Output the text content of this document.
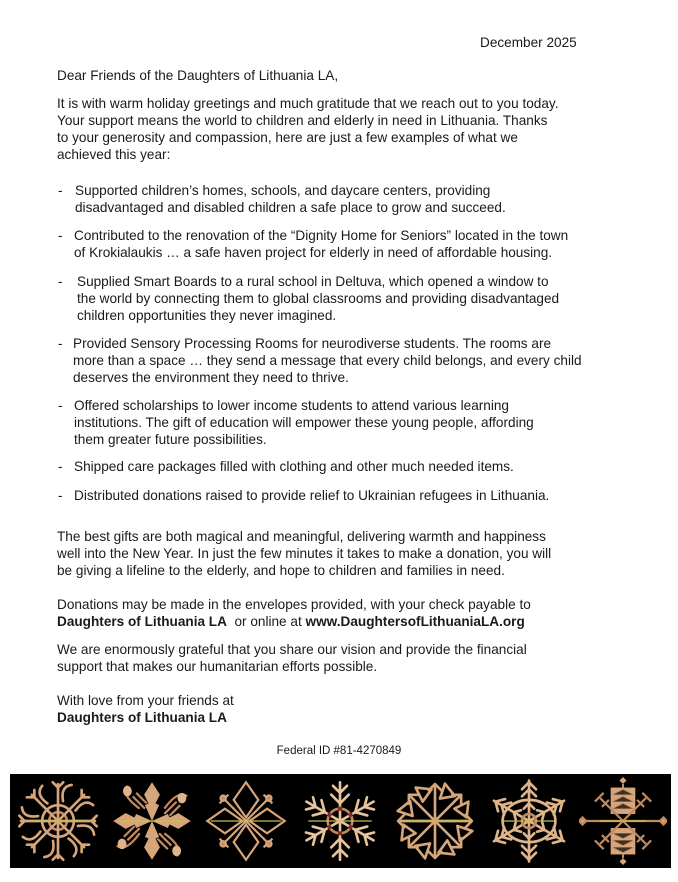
December 2025
Dear Friends of the Daughters of Lithuania LA,
It is with warm holiday greetings and much gratitude that we reach out to you today.
Your support means the world to children and elderly in need in Lithuania. Thanks
to your generosity and compassion, here are just a few examples of what we
achieved this year:
- Supported children’s homes, schools, and daycare centers, providing
disadvantaged and disabled children a safe place to grow and succeed.
- Contributed to the renovation of the “Dignity Home for Seniors” located in the town
of Krokialaukis … a safe haven project for elderly in need of affordable housing.
- Supplied Smart Boards to a rural school in Deltuva, which opened a window to
the world by connecting them to global classrooms and providing disadvantaged
children opportunities they never imagined.
- Provided Sensory Processing Rooms for neurodiverse students. The rooms are
more than a space … they send a message that every child belongs, and every child
deserves the environment they need to thrive.
- Offered scholarships to lower income students to attend various learning
institutions. The gift of education will empower these young people, affording
them greater future possibilities.
- Shipped care packages filled with clothing and other much needed items.
- Distributed donations raised to provide relief to Ukrainian refugees in Lithuania.
The best gifts are both magical and meaningful, delivering warmth and happiness
well into the New Year. In just the few minutes it takes to make a donation, you will
be giving a lifeline to the elderly, and hope to children and families in need.
Donations may be made in the envelopes provided, with your check payable to
Daughters of Lithuania LA  or online at www.DaughtersofLithuaniaLA.org
We are enormously grateful that you share our vision and provide the financial
support that makes our humanitarian efforts possible.
With love from your friends at
Daughters of Lithuania LA
Federal ID #81-4270849
